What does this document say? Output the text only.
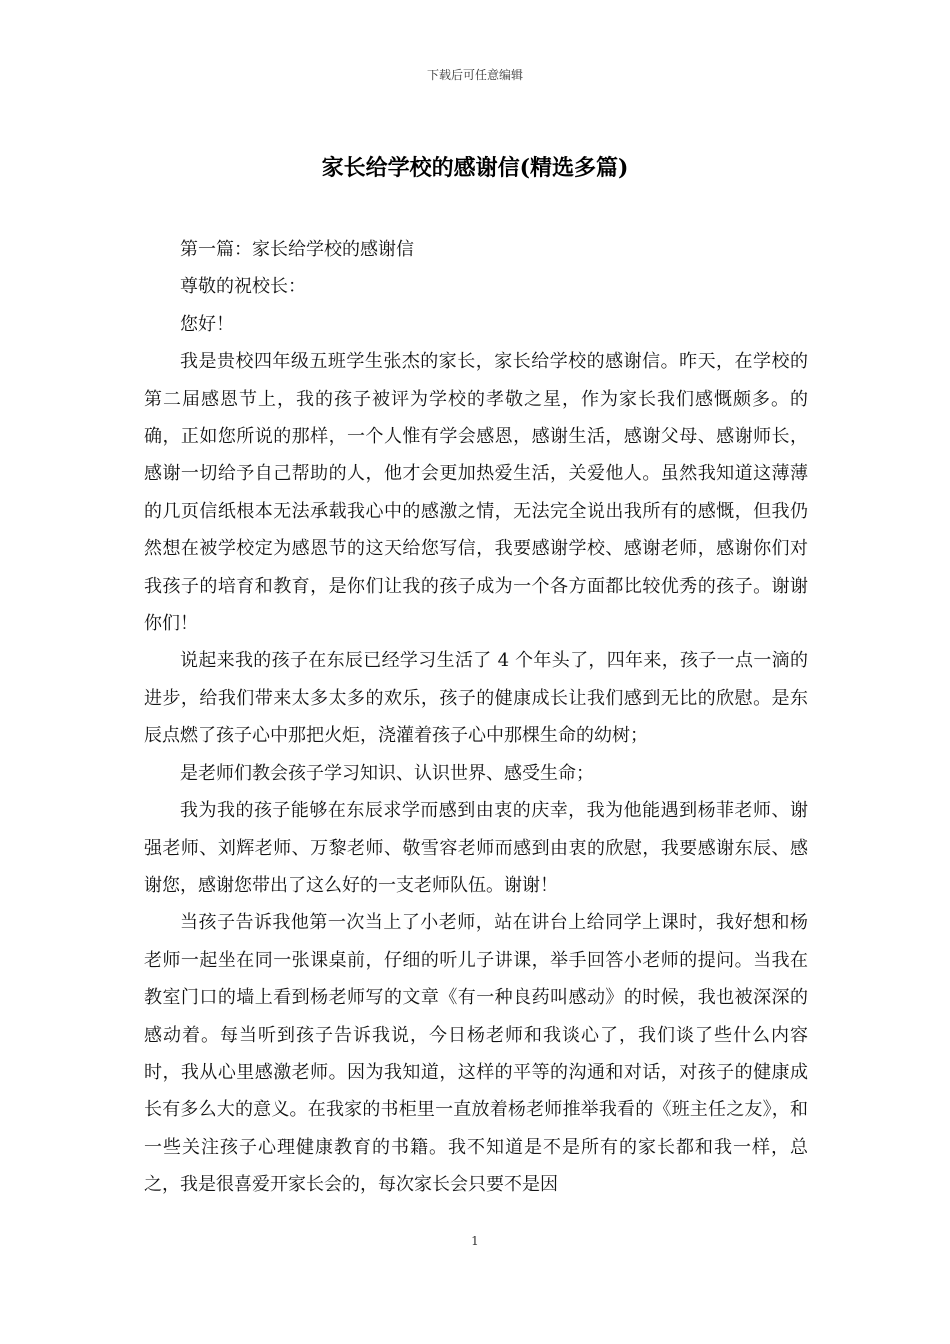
下载后可任意编辑
家长给学校的感谢信(精选多篇)

第一篇：家长给学校的感谢信

尊敬的祝校长：

您好！

我是贵校四年级五班学生张杰的家长，家长给学校的感谢信。昨天，在学校的第二届感恩节上，我的孩子被评为学校的孝敬之星，作为家长我们感慨颇多。的确，正如您所说的那样，一个人惟有学会感恩，感谢生活，感谢父母、感谢师长，感谢一切给予自己帮助的人，他才会更加热爱生活，关爱他人。虽然我知道这薄薄的几页信纸根本无法承载我心中的感激之情，无法完全说出我所有的感慨，但我仍然想在被学校定为感恩节的这天给您写信，我要感谢学校、感谢老师，感谢你们对我孩子的培育和教育，是你们让我的孩子成为一个各方面都比较优秀的孩子。谢谢你们！

说起来我的孩子在东辰已经学习生活了 4 个年头了，四年来，孩子一点一滴的进步，给我们带来太多太多的欢乐，孩子的健康成长让我们感到无比的欣慰。是东辰点燃了孩子心中那把火炬，浇灌着孩子心中那棵生命的幼树；

是老师们教会孩子学习知识、认识世界、感受生命；

我为我的孩子能够在东辰求学而感到由衷的庆幸，我为他能遇到杨菲老师、谢强老师、刘辉老师、万黎老师、敬雪容老师而感到由衷的欣慰，我要感谢东辰、感谢您，感谢您带出了这么好的一支老师队伍。谢谢！

当孩子告诉我他第一次当上了小老师，站在讲台上给同学上课时，我好想和杨老师一起坐在同一张课桌前，仔细的听儿子讲课，举手回答小老师的提问。当我在教室门口的墙上看到杨老师写的文章《有一种良药叫感动》的时候，我也被深深的感动着。每当听到孩子告诉我说，今日杨老师和我谈心了，我们谈了些什么内容时，我从心里感激老师。因为我知道，这样的平等的沟通和对话，对孩子的健康成长有多么大的意义。在我家的书柜里一直放着杨老师推举我看的《班主任之友》，和一些关注孩子心理健康教育的书籍。我不知道是不是所有的家长都和我一样，总之，我是很喜爱开家长会的，每次家长会只要不是因

1
